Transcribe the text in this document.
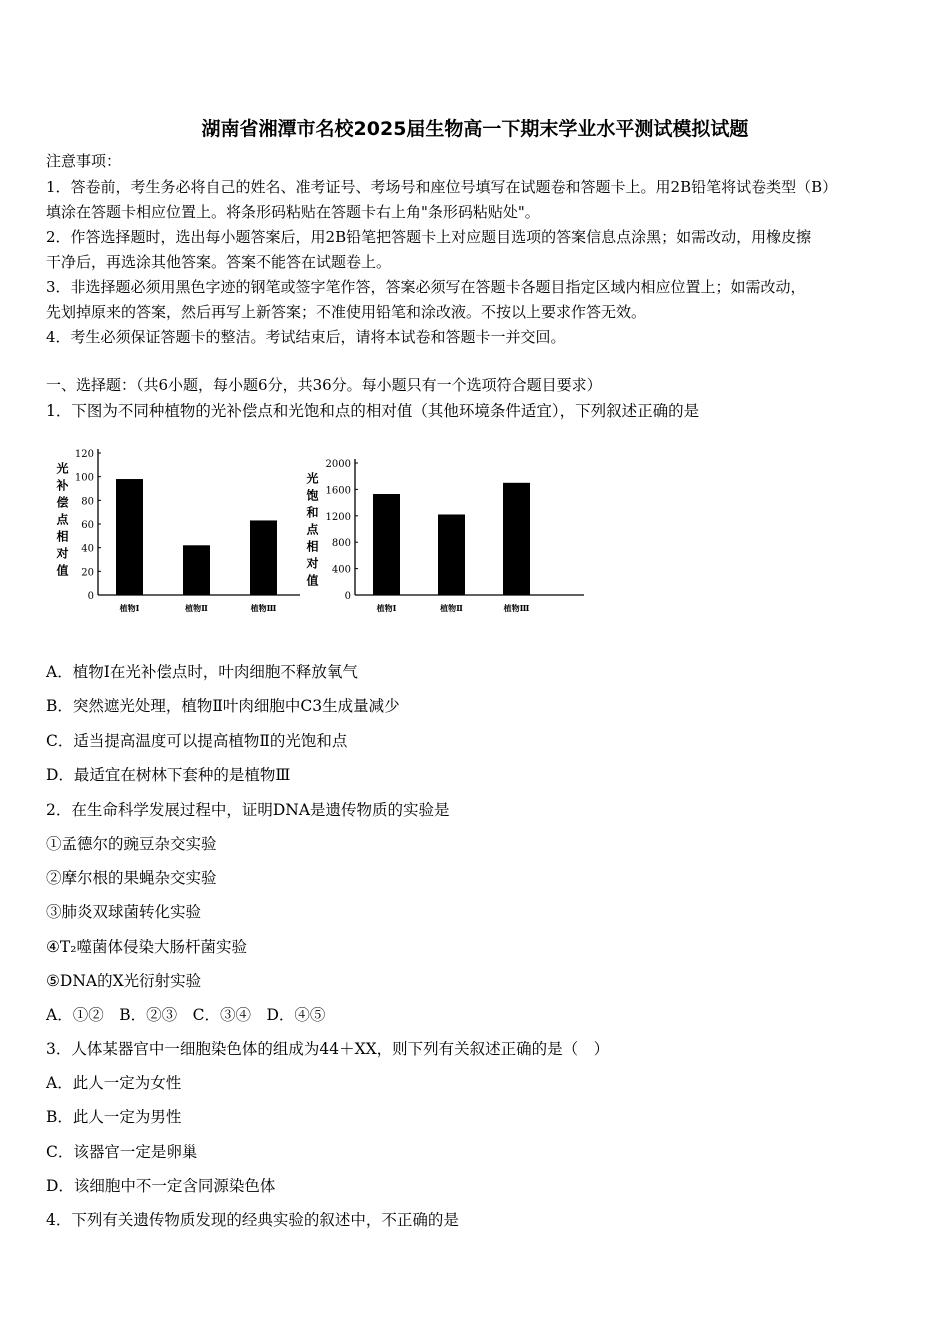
湖南省湘潭市名校2025届生物高一下期末学业水平测试模拟试题
注意事项：
1．答卷前，考生务必将自己的姓名、准考证号、考场号和座位号填写在试题卷和答题卡上。用2B铅笔将试卷类型（B）
填涂在答题卡相应位置上。将条形码粘贴在答题卡右上角"条形码粘贴处"。
2．作答选择题时，选出每小题答案后，用2B铅笔把答题卡上对应题目选项的答案信息点涂黑；如需改动，用橡皮擦
干净后，再选涂其他答案。答案不能答在试题卷上。
3．非选择题必须用黑色字迹的钢笔或签字笔作答，答案必须写在答题卡各题目指定区域内相应位置上；如需改动，
先划掉原来的答案，然后再写上新答案；不准使用铅笔和涂改液。不按以上要求作答无效。
4．考生必须保证答题卡的整洁。考试结束后，请将本试卷和答题卡一并交回。
一、选择题：（共6小题，每小题6分，共36分。每小题只有一个选项符合题目要求）
1．下图为不同种植物的光补偿点和光饱和点的相对值（其他环境条件适宜），下列叙述正确的是
0
20
40
60
80
100
120
植物Ⅰ	植物Ⅱ	植物Ⅲ
光补偿点相对值
0
400
800
1200
1600
2000
植物Ⅰ	植物Ⅱ	植物Ⅲ
光饱和点相对值
A．植物Ⅰ在光补偿点时，叶肉细胞不释放氧气
B．突然遮光处理，植物Ⅱ叶肉细胞中C3生成量减少
C．适当提高温度可以提高植物Ⅱ的光饱和点
D．最适宜在树林下套种的是植物Ⅲ
2．在生命科学发展过程中，证明DNA是遗传物质的实验是
①孟德尔的豌豆杂交实验
②摩尔根的果蝇杂交实验
③肺炎双球菌转化实验
④T₂噬菌体侵染大肠杆菌实验
⑤DNA的X光衍射实验
A．①②　B．②③　C．③④　D．④⑤
3．人体某器官中一细胞染色体的组成为44＋XX，则下列有关叙述正确的是（　）
A．此人一定为女性
B．此人一定为男性
C．该器官一定是卵巢
D．该细胞中不一定含同源染色体
4．下列有关遗传物质发现的经典实验的叙述中，不正确的是
